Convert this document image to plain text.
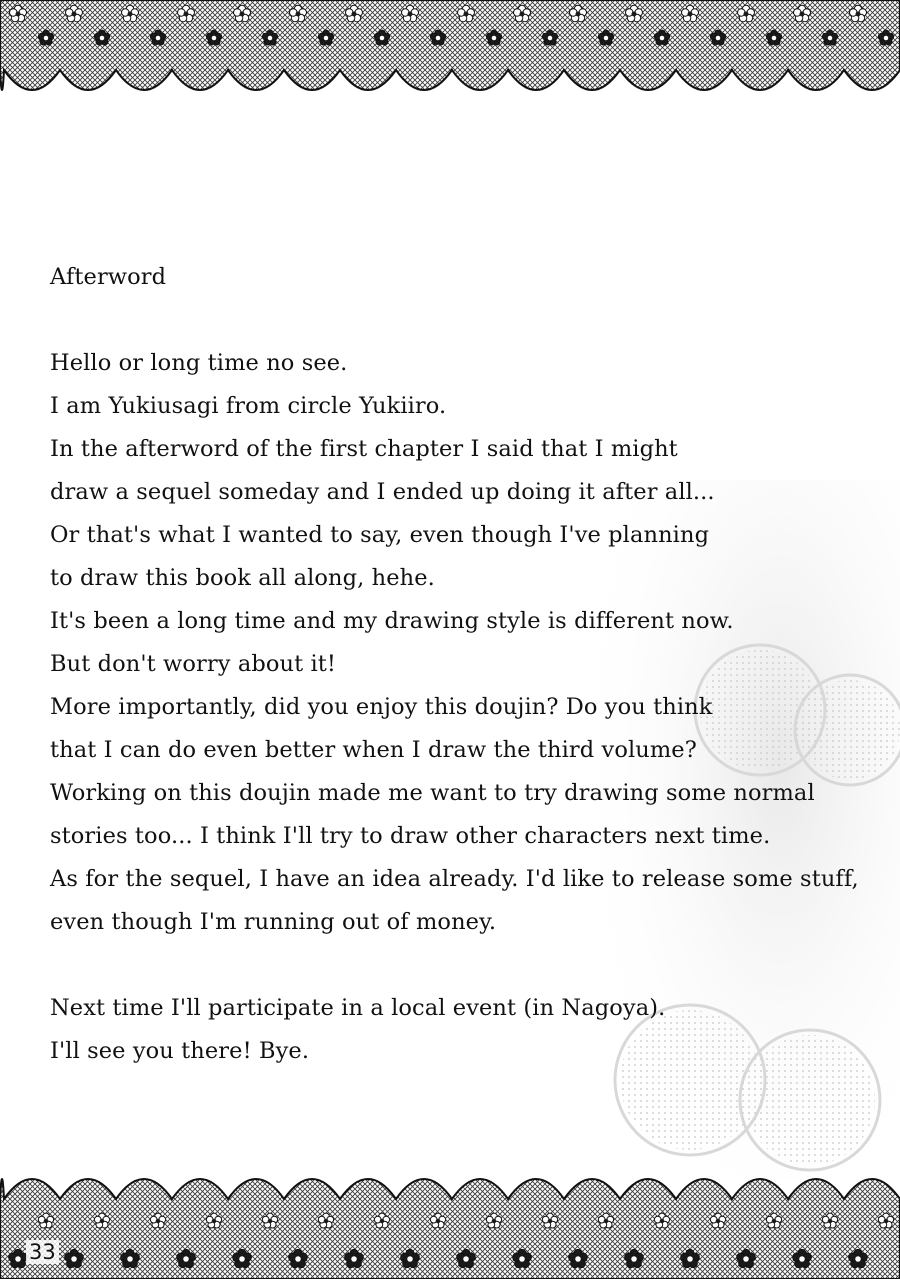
Afterword
Hello or long time no see.
I am Yukiusagi from circle Yukiiro.
In the afterword of the first chapter I said that I might
draw a sequel someday and I ended up doing it after all...
Or that's what I wanted to say, even though I've planning
to draw this book all along, hehe.
It's been a long time and my drawing style is different now.
But don't worry about it!
More importantly, did you enjoy this doujin? Do you think
that I can do even better when I draw the third volume?
Working on this doujin made me want to try drawing some normal
stories too... I think I'll try to draw other characters next time.
As for the sequel, I have an idea already. I'd like to release some stuff,
even though I'm running out of money.
Next time I'll participate in a local event (in Nagoya).
I'll see you there! Bye.
33
